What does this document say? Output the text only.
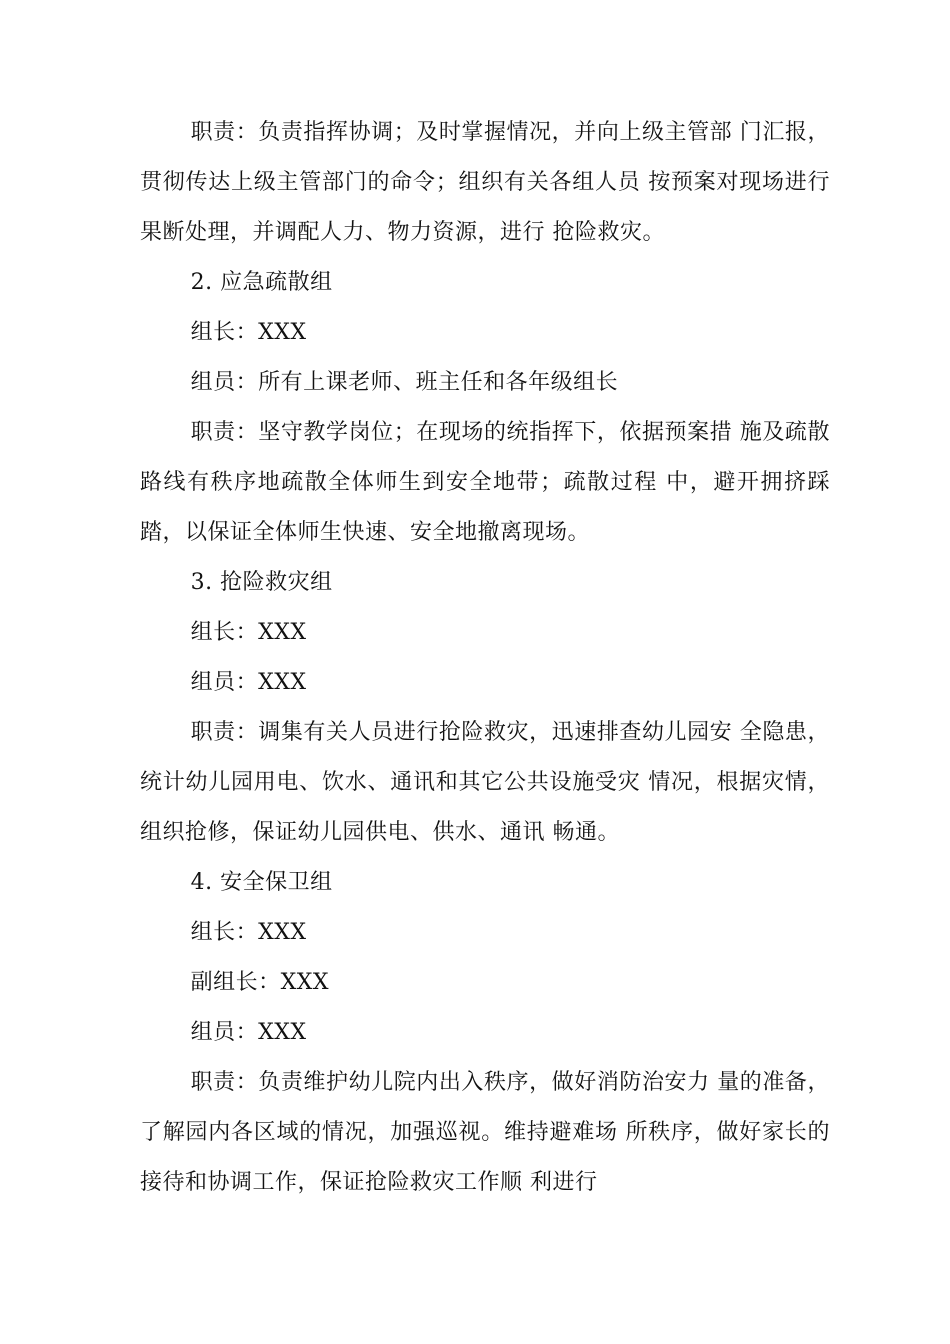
职责：负责指挥协调；及时掌握情况，并向上级主管部 门汇报，贯彻传达上级主管部门的命令；组织有关各组人员 按预案对现场进行果断处理，并调配人力、物力资源，进行 抢险救灾。

2. 应急疏散组

组长：XXX

组员：所有上课老师、班主任和各年级组长

职责：坚守教学岗位；在现场的统指挥下，依据预案措 施及疏散路线有秩序地疏散全体师生到安全地带；疏散过程 中，避开拥挤踩踏，以保证全体师生快速、安全地撤离现场。

3. 抢险救灾组

组长：XXX

组员：XXX

职责：调集有关人员进行抢险救灾，迅速排查幼儿园安 全隐患，统计幼儿园用电、饮水、通讯和其它公共设施受灾 情况，根据灾情，组织抢修，保证幼儿园供电、供水、通讯 畅通。

4. 安全保卫组

组长：XXX

副组长：XXX

组员：XXX

职责：负责维护幼儿院内出入秩序，做好消防治安力 量的准备，了解园内各区域的情况，加强巡视。维持避难场 所秩序，做好家长的接待和协调工作，保证抢险救灾工作顺 利进行
